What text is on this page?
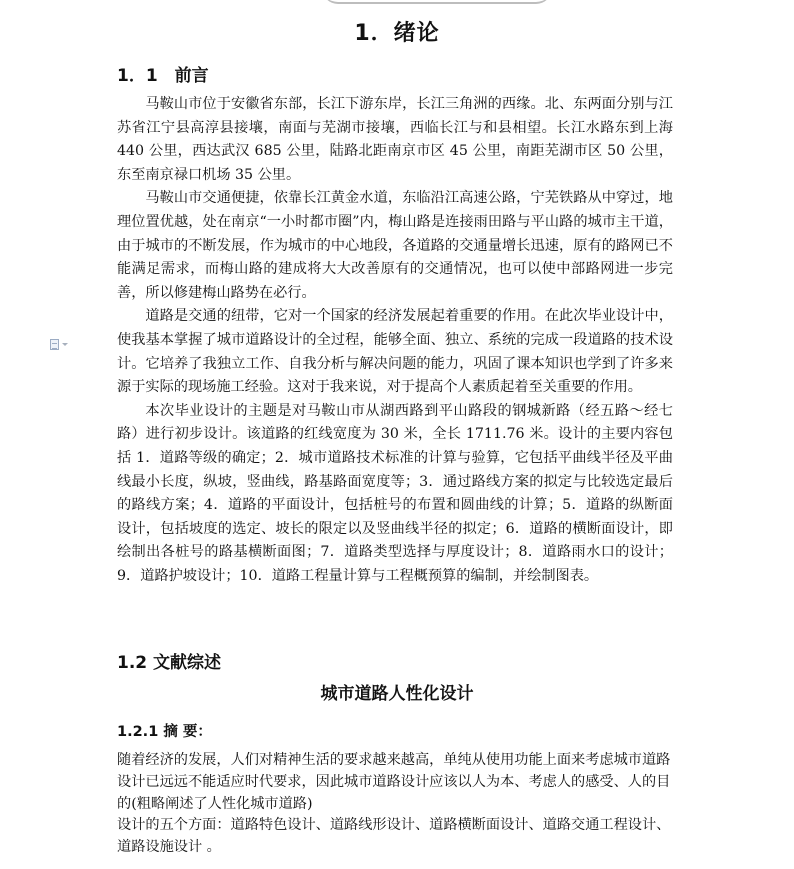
1．绪论
1．1　前言

马鞍山市位于安徽省东部，长江下游东岸，长江三角洲的西缘。北、东两面分别与江苏省江宁县高淳县接壤，南面与芜湖市接壤，西临长江与和县相望。长江水路东到上海 440 公里，西达武汉 685 公里，陆路北距南京市区 45 公里，南距芜湖市区 50 公里，东至南京禄口机场 35 公里。

马鞍山市交通便捷，依靠长江黄金水道，东临沿江高速公路，宁芜铁路从中穿过，地理位置优越，处在南京“一小时都市圈”内，梅山路是连接雨田路与平山路的城市主干道，由于城市的不断发展，作为城市的中心地段，各道路的交通量增长迅速，原有的路网已不能满足需求，而梅山路的建成将大大改善原有的交通情况，也可以使中部路网进一步完善，所以修建梅山路势在必行。

道路是交通的纽带，它对一个国家的经济发展起着重要的作用。在此次毕业设计中，使我基本掌握了城市道路设计的全过程，能够全面、独立、系统的完成一段道路的技术设计。它培养了我独立工作、自我分析与解决问题的能力，巩固了课本知识也学到了许多来源于实际的现场施工经验。这对于我来说，对于提高个人素质起着至关重要的作用。

本次毕业设计的主题是对马鞍山市从湖西路到平山路段的钢城新路（经五路～经七路）进行初步设计。该道路的红线宽度为 30 米，全长 1711.76 米。设计的主要内容包括 1．道路等级的确定；2．城市道路技术标准的计算与验算，它包括平曲线半径及平曲线最小长度，纵坡，竖曲线，路基路面宽度等；3．通过路线方案的拟定与比较选定最后的路线方案；4．道路的平面设计，包括桩号的布置和圆曲线的计算；5．道路的纵断面设计，包括坡度的选定、坡长的限定以及竖曲线半径的拟定；6．道路的横断面设计，即绘制出各桩号的路基横断面图；7．道路类型选择与厚度设计；8．道路雨水口的设计；9．道路护坡设计；10．道路工程量计算与工程概预算的编制，并绘制图表。

1.2 文献综述
城市道路人性化设计
1.2.1 摘 要：

随着经济的发展，人们对精神生活的要求越来越高，单纯从使用功能上面来考虑城市道路设计已远远不能适应时代要求，因此城市道路设计应该以人为本、考虑人的感受、人的目的(粗略阐述了人性化城市道路)

设计的五个方面：道路特色设计、道路线形设计、道路横断面设计、道路交通工程设计、道路设施设计 。
